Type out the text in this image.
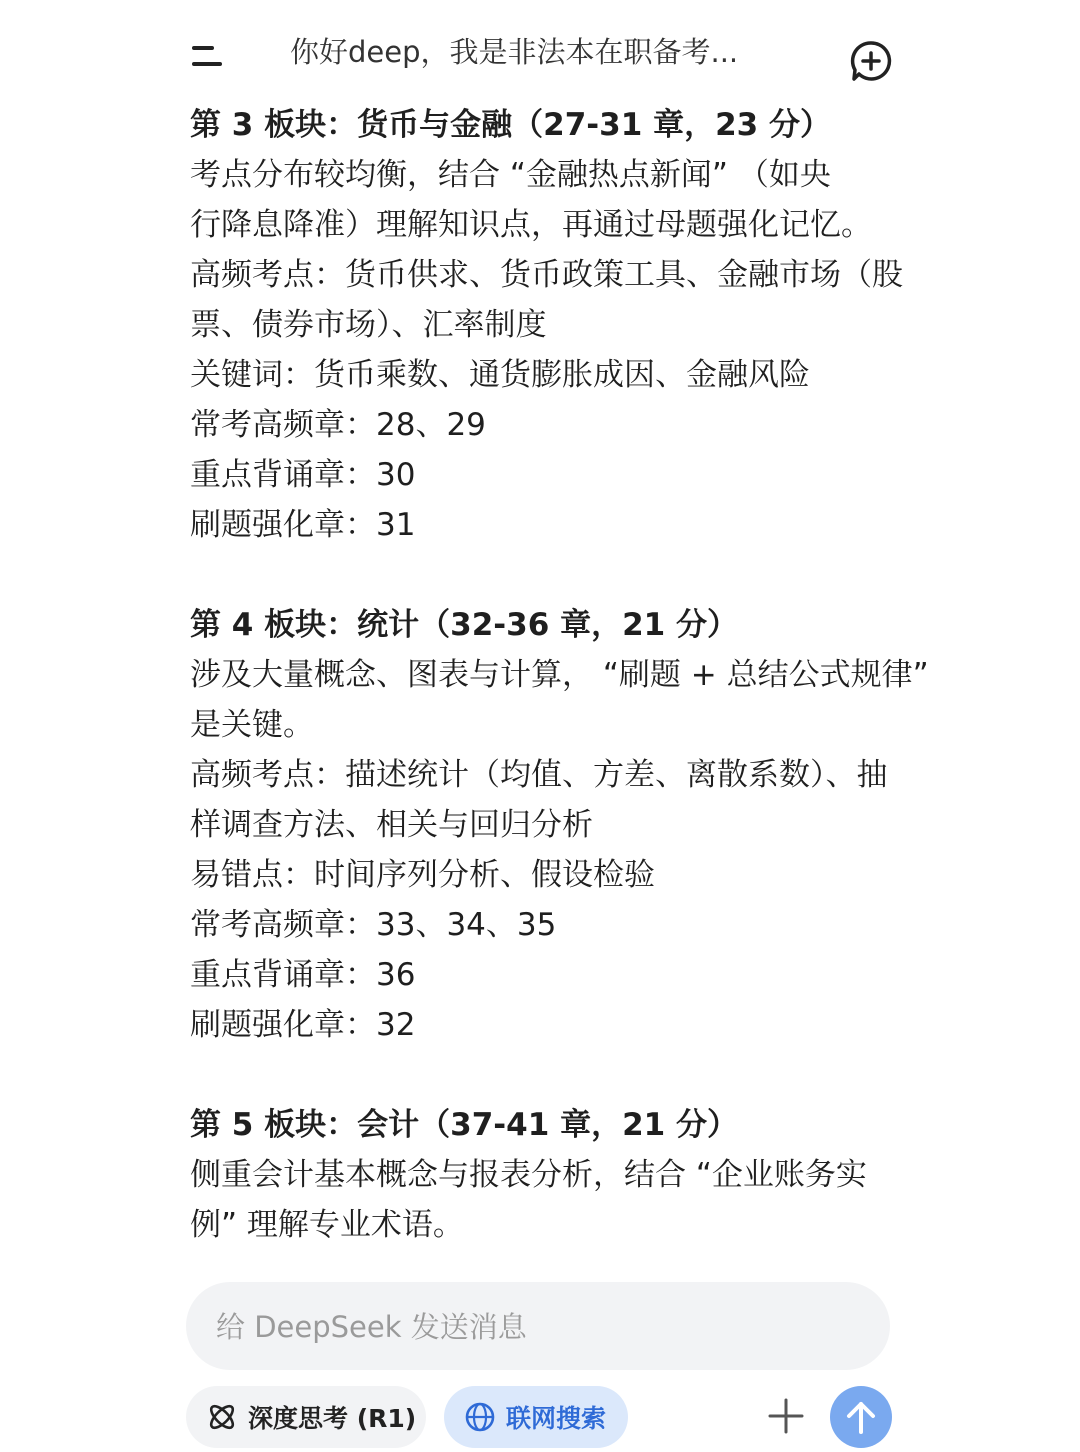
你好deep，我是非法本在职备考...
第 3 板块：货币与金融（27-31 章，23 分）
考点分布较均衡，结合 “金融热点新闻” （如央
行降息降准）理解知识点，再通过母题强化记忆。
高频考点：货币供求、货币政策工具、金融市场（股
票、债券市场）、汇率制度
关键词：货币乘数、通货膨胀成因、金融风险
常考高频章：28、29
重点背诵章：30
刷题强化章：31
第 4 板块：统计（32-36 章，21 分）
涉及大量概念、图表与计算， “刷题 + 总结公式规律”
是关键。
高频考点：描述统计（均值、方差、离散系数）、抽
样调查方法、相关与回归分析
易错点：时间序列分析、假设检验
常考高频章：33、34、35
重点背诵章：36
刷题强化章：32
第 5 板块：会计（37-41 章，21 分）
侧重会计基本概念与报表分析，结合 “企业账务实
例” 理解专业术语。
给 DeepSeek 发送消息
深度思考 (R1)	联网搜索
